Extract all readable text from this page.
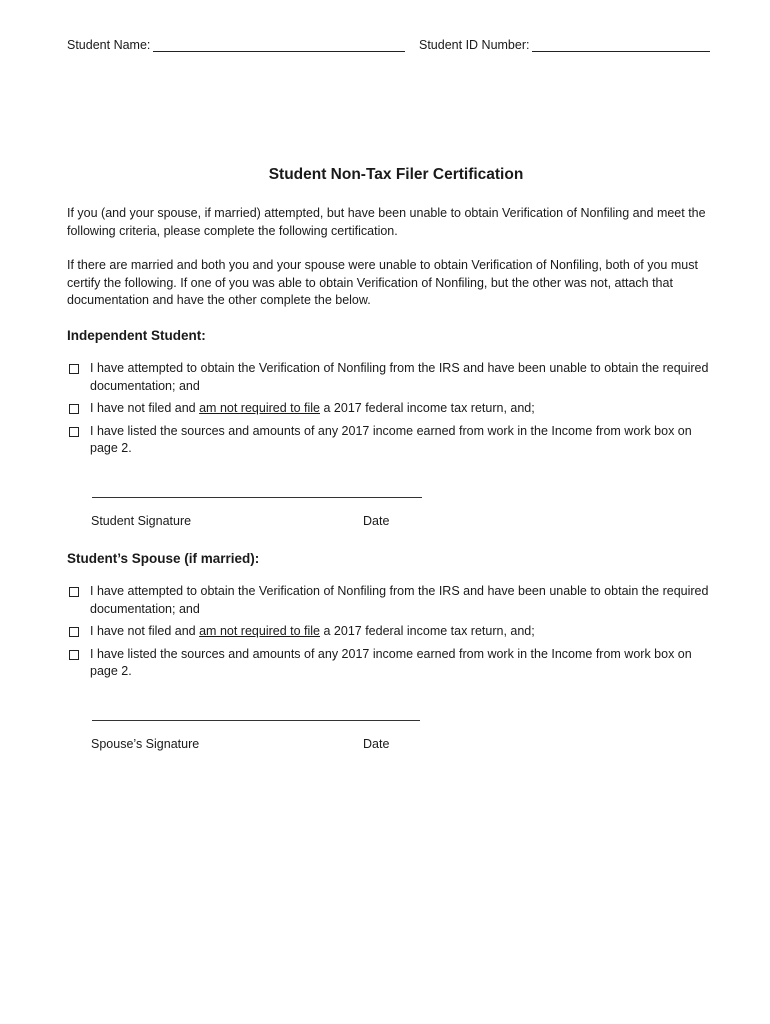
Student Name:	Student ID Number:
Student Non-Tax Filer Certification

If you (and your spouse, if married) attempted, but have been unable to obtain Verification of Nonfiling and meet the following criteria, please complete the following certification.

If there are married and both you and your spouse were unable to obtain Verification of Nonfiling, both of you must certify the following. If one of you was able to obtain Verification of Nonfiling, but the other was not, attach that documentation and have the other complete the below.

Independent Student:
I have attempted to obtain the Verification of Nonfiling from the IRS and have been unable to obtain the required documentation; and
I have not filed and am not required to file a 2017 federal income tax return, and;
I have listed the sources and amounts of any 2017 income earned from work in the Income from work box on page 2.
Student Signature	Date
Student’s Spouse (if married):
I have attempted to obtain the Verification of Nonfiling from the IRS and have been unable to obtain the required documentation; and
I have not filed and am not required to file a 2017 federal income tax return, and;
I have listed the sources and amounts of any 2017 income earned from work in the Income from work box on page 2.
Spouse’s Signature	Date
